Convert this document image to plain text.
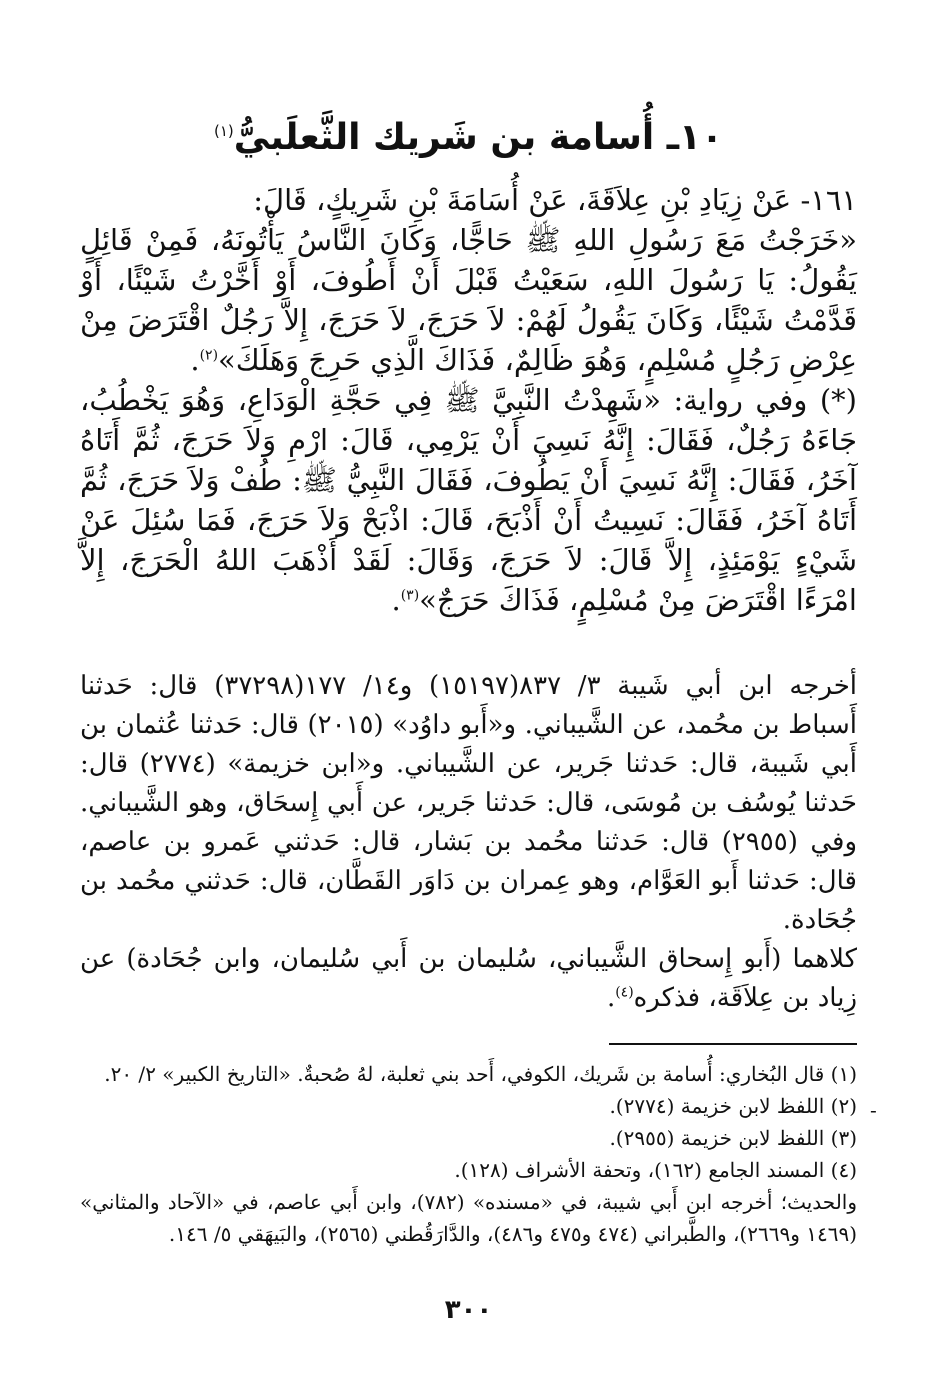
١٠ـ أُسامة بن شَريك الثَّعلَبيُّ$^{(١)}$

١٦١- عَنْ زِيَادِ بْنِ عِلاَقَةَ، عَنْ أُسَامَةَ بْنِ شَرِيكٍ، قَالَ:

«خَرَجْتُ مَعَ رَسُولِ اللهِ ﷺ حَاجًّا، وَكَانَ النَّاسُ يَأْتُونَهُ، فَمِنْ قَائِلٍ يَقُولُ: يَا رَسُولَ اللهِ، سَعَيْتُ قَبْلَ أَنْ أَطُوفَ، أَوْ أَخَّرْتُ شَيْئًا، أَوْ قَدَّمْتُ شَيْئًا، وَكَانَ يَقُولُ لَهُمْ: لاَ حَرَجَ، لاَ حَرَجَ، إِلاَّ رَجُلٌ اقْتَرَضَ مِنْ عِرْضِ رَجُلٍ مُسْلِمٍ، وَهُوَ ظَالِمٌ، فَذَاكَ الَّذِي حَرِجَ وَهَلَكَ»$^{(٢)}$.

(*) وفي رواية: «شَهِدْتُ النَّبِيَّ ﷺ فِي حَجَّةِ الْوَدَاعِ، وَهُوَ يَخْطُبُ، جَاءَهُ رَجُلٌ، فَقَالَ: إِنَّهُ نَسِيَ أَنْ يَرْمِي، قَالَ: ارْمِ وَلاَ حَرَجَ، ثُمَّ أَتَاهُ آخَرُ، فَقَالَ: إِنَّهُ نَسِيَ أَنْ يَطُوفَ، فَقَالَ النَّبِيُّ ﷺ: طُفْ وَلاَ حَرَجَ، ثُمَّ أَتَاهُ آخَرُ، فَقَالَ: نَسِيتُ أَنْ أَذْبَحَ، قَالَ: اذْبَحْ وَلاَ حَرَجَ، فَمَا سُئِلَ عَنْ شَيْءٍ يَوْمَئِذٍ، إِلاَّ قَالَ: لاَ حَرَجَ، وَقَالَ: لَقَدْ أَذْهَبَ اللهُ الْحَرَجَ، إِلاَّ امْرَءًا اقْتَرَضَ مِنْ مُسْلِمٍ، فَذَاكَ حَرَجٌ»$^{(٣)}$.

أخرجه ابن أبي شَيبة ٣/ ٨٣٧(١٥١٩٧) و١٤/ ١٧٧(٣٧٢٩٨) قال: حَدثنا أَسباط بن محُمد، عن الشَّيباني. و«أَبو داوُد» (٢٠١٥) قال: حَدثنا عُثمان بن أَبي شَيبة، قال: حَدثنا جَرير، عن الشَّيباني. و«ابن خزيمة» (٢٧٧٤) قال: حَدثنا يُوسُف بن مُوسَى، قال: حَدثنا جَرير، عن أَبي إِسحَاق، وهو الشَّيباني. وفي (٢٩٥٥) قال: حَدثنا محُمد بن بَشار، قال: حَدثني عَمرو بن عاصم، قال: حَدثنا أَبو العَوَّام، وهو عِمران بن دَاوَر القَطَّان، قال: حَدثني محُمد بن جُحَادة.

كلاهما (أَبو إِسحاق الشَّيباني، سُليمان بن أَبي سُليمان، وابن جُحَادة) عن زِياد بن عِلاَقَة، فذكره$^{(٤)}$.

(١) قال البُخاري: أُسامة بن شَريك، الكوفي، أَحد بني ثعلبة، لهُ صُحبةٌ. «التاريخ الكبير» ٢/ ٢٠.

(٢) اللفظ لابن خزيمة (٢٧٧٤).

(٣) اللفظ لابن خزيمة (٢٩٥٥).

(٤) المسند الجامع (١٦٢)، وتحفة الأشراف (١٢٨).

والحديث؛ أخرجه ابن أَبي شيبة، في «مسنده» (٧٨٢)، وابن أَبي عاصم، في «الآحاد والمثاني» (١٤٦٩ و٢٦٦٩)، والطَّبراني (٤٧٤ و٤٧٥ و٤٨٦)، والدَّارَقُطني (٢٥٦٥)، والبَيهَقي ٥/ ١٤٦.

-
٣٠٠
